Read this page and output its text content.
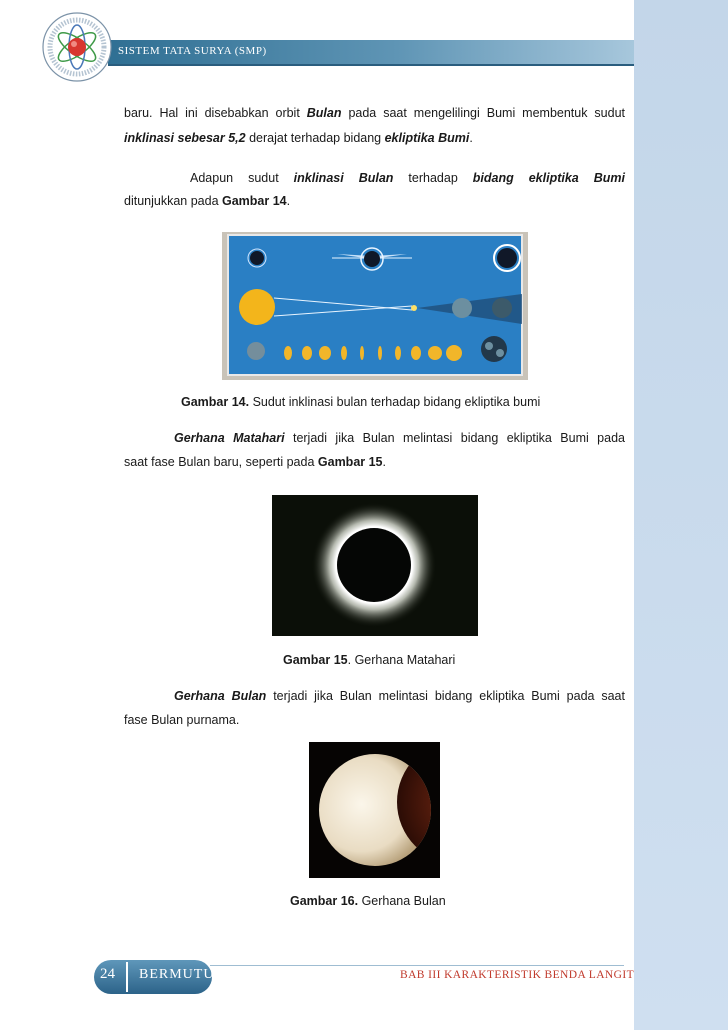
SISTEM TATA SURYA (SMP)

baru. Hal ini disebabkan orbit Bulan pada saat mengelilingi Bumi membentuk sudut

inklinasi sebesar 5,2 derajat terhadap bidang ekliptika Bumi.

Adapun sudut inklinasi Bulan terhadap bidang ekliptika Bumi

ditunjukkan pada Gambar 14.

Gambar 14. Sudut inklinasi bulan terhadap bidang ekliptika bumi

Gerhana Matahari terjadi jika Bulan melintasi bidang ekliptika Bumi pada

saat fase Bulan baru, seperti pada Gambar 15.

Gambar 15. Gerhana Matahari

Gerhana Bulan terjadi jika Bulan melintasi bidang ekliptika Bumi pada saat

fase Bulan purnama.

Gambar 16. Gerhana Bulan

24 BERMUTU	BAB III KARAKTERISTIK BENDA LANGIT
